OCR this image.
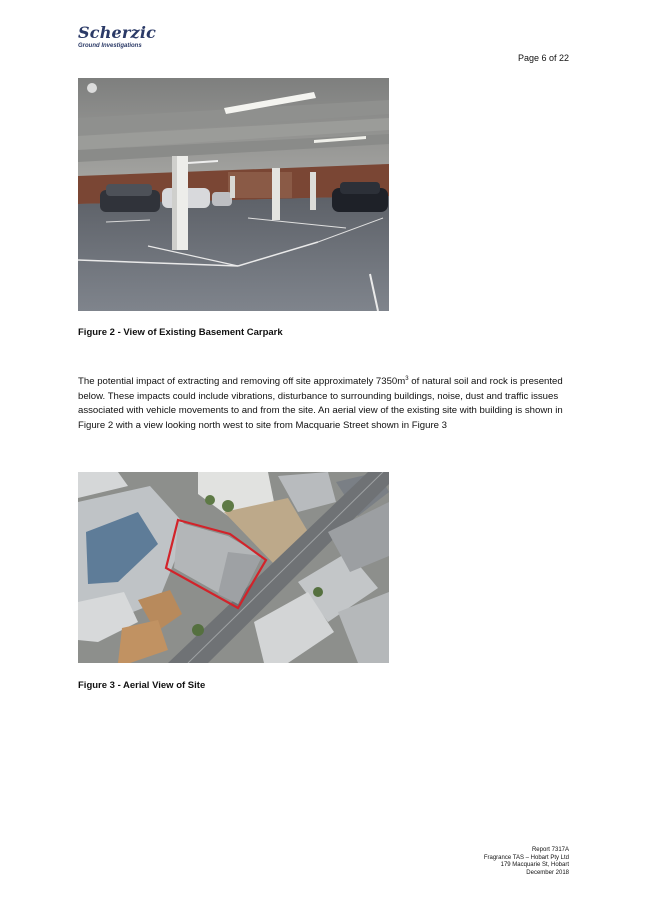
Scherzic
Ground Investigations
Page 6 of 22
Figure 2 - View of Existing Basement Carpark

The potential impact of extracting and removing off site approximately $7350m^3$ of natural soil and rock is presented below. These impacts could include vibrations, disturbance to surrounding buildings, noise, dust and traffic issues associated with vehicle movements to and from the site. An aerial view of the existing site with building is shown in Figure 2 with a view looking north west to site from Macquarie Street shown in Figure 3

Figure 3 - Aerial View of Site
Report 7317A
Fragrance TAS – Hobart Pty Ltd
179 Macquarie St, Hobart
December 2018
